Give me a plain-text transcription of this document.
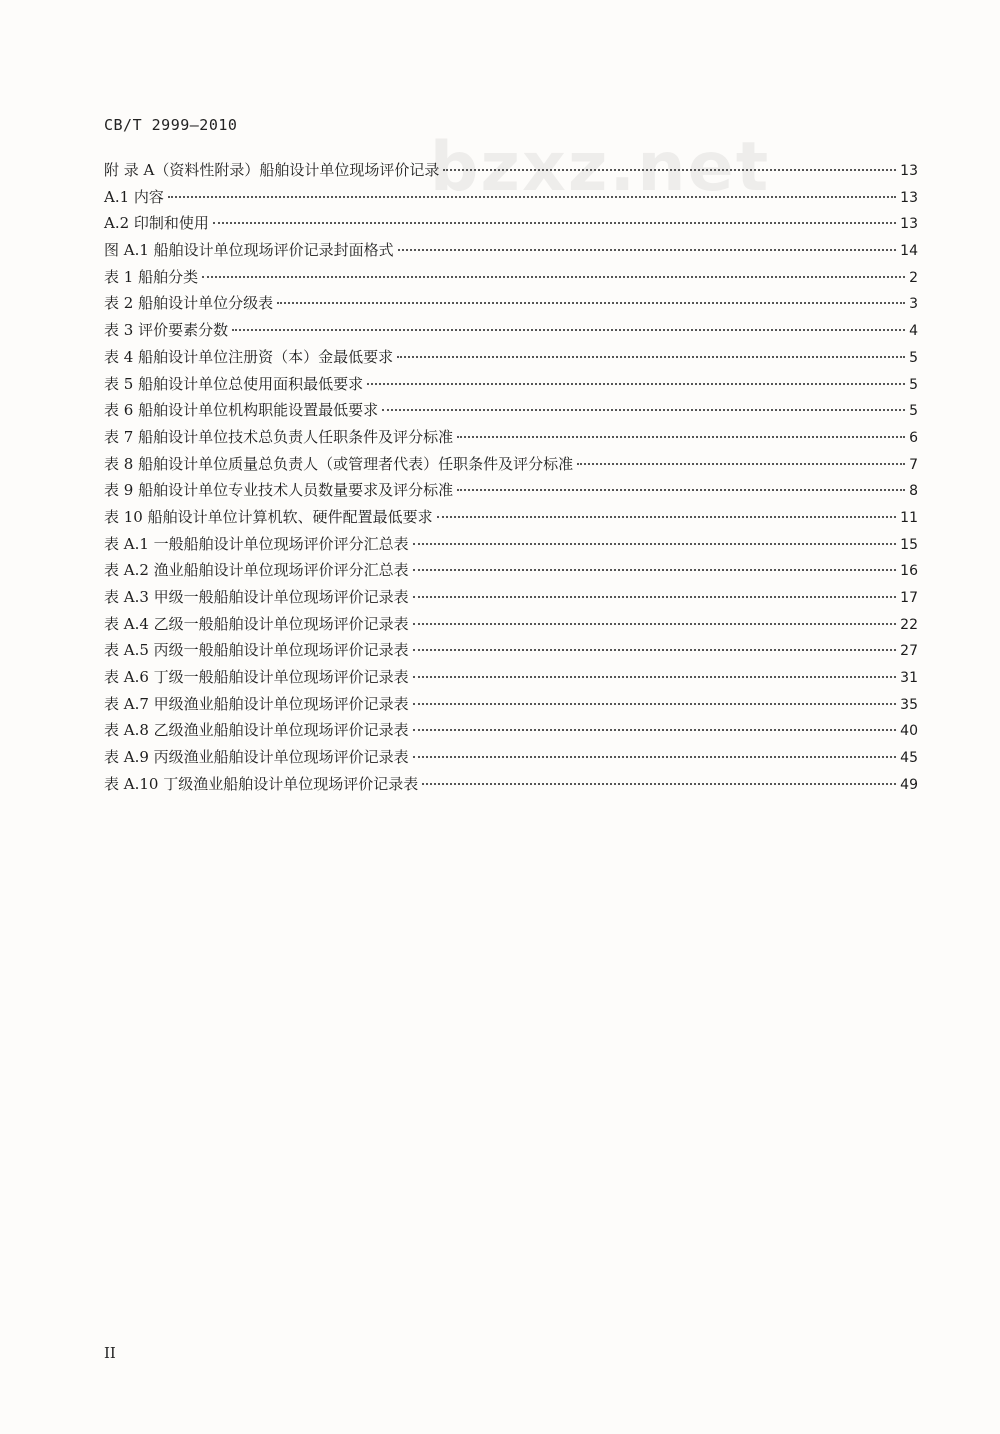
CB/T 2999—2010
bzxz.net
附 录 A（资料性附录）船舶设计单位现场评价记录	13
A.1 内容	13
A.2 印制和使用	13
图 A.1 船舶设计单位现场评价记录封面格式	14
表 1 船舶分类	2
表 2 船舶设计单位分级表	3
表 3 评价要素分数	4
表 4 船舶设计单位注册资（本）金最低要求	5
表 5 船舶设计单位总使用面积最低要求	5
表 6 船舶设计单位机构职能设置最低要求	5
表 7 船舶设计单位技术总负责人任职条件及评分标准	6
表 8 船舶设计单位质量总负责人（或管理者代表）任职条件及评分标准	7
表 9 船舶设计单位专业技术人员数量要求及评分标准	8
表 10 船舶设计单位计算机软、硬件配置最低要求	11
表 A.1 一般船舶设计单位现场评价评分汇总表	15
表 A.2 渔业船舶设计单位现场评价评分汇总表	16
表 A.3 甲级一般船舶设计单位现场评价记录表	17
表 A.4 乙级一般船舶设计单位现场评价记录表	22
表 A.5 丙级一般船舶设计单位现场评价记录表	27
表 A.6 丁级一般船舶设计单位现场评价记录表	31
表 A.7 甲级渔业船舶设计单位现场评价记录表	35
表 A.8 乙级渔业船舶设计单位现场评价记录表	40
表 A.9 丙级渔业船舶设计单位现场评价记录表	45
表 A.10 丁级渔业船舶设计单位现场评价记录表	49
II
